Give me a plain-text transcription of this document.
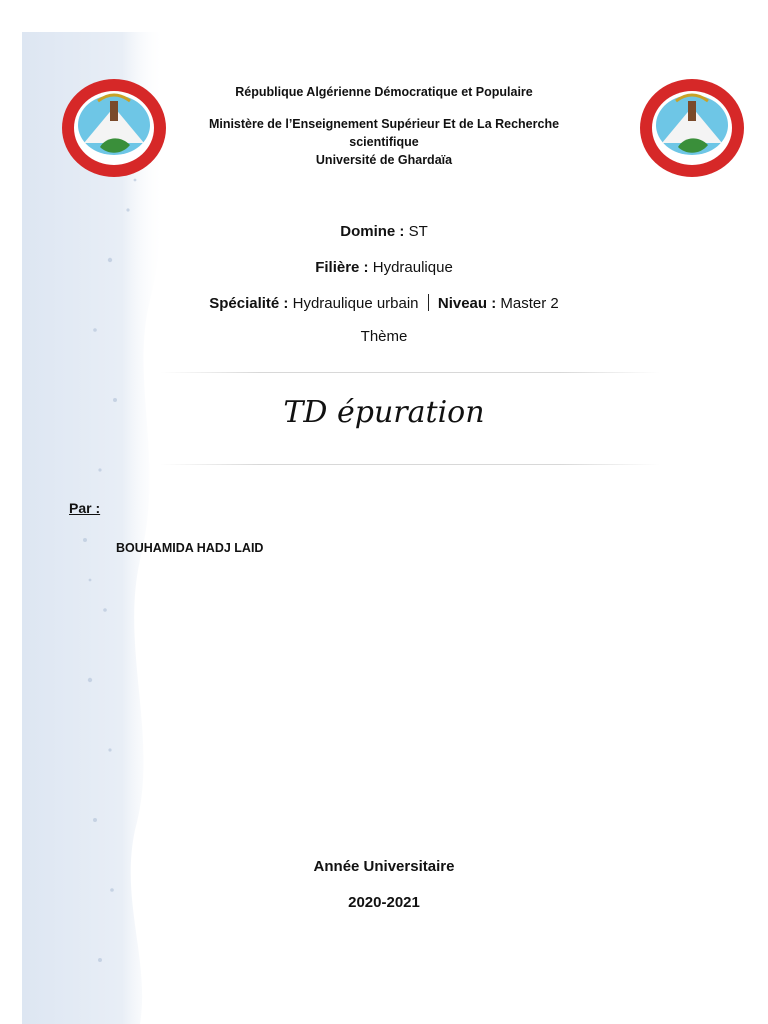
République Algérienne Démocratique et Populaire
Ministère de l’Enseignement Supérieur Et de La Recherche
scientifique
Université de Ghardaïa
Domine : ST
Filière : Hydraulique
Spécialité : Hydraulique urbain Niveau : Master 2
Thème
TD épuration
Par :
BOUHAMIDA HADJ LAID
Année Universitaire
2020-2021
